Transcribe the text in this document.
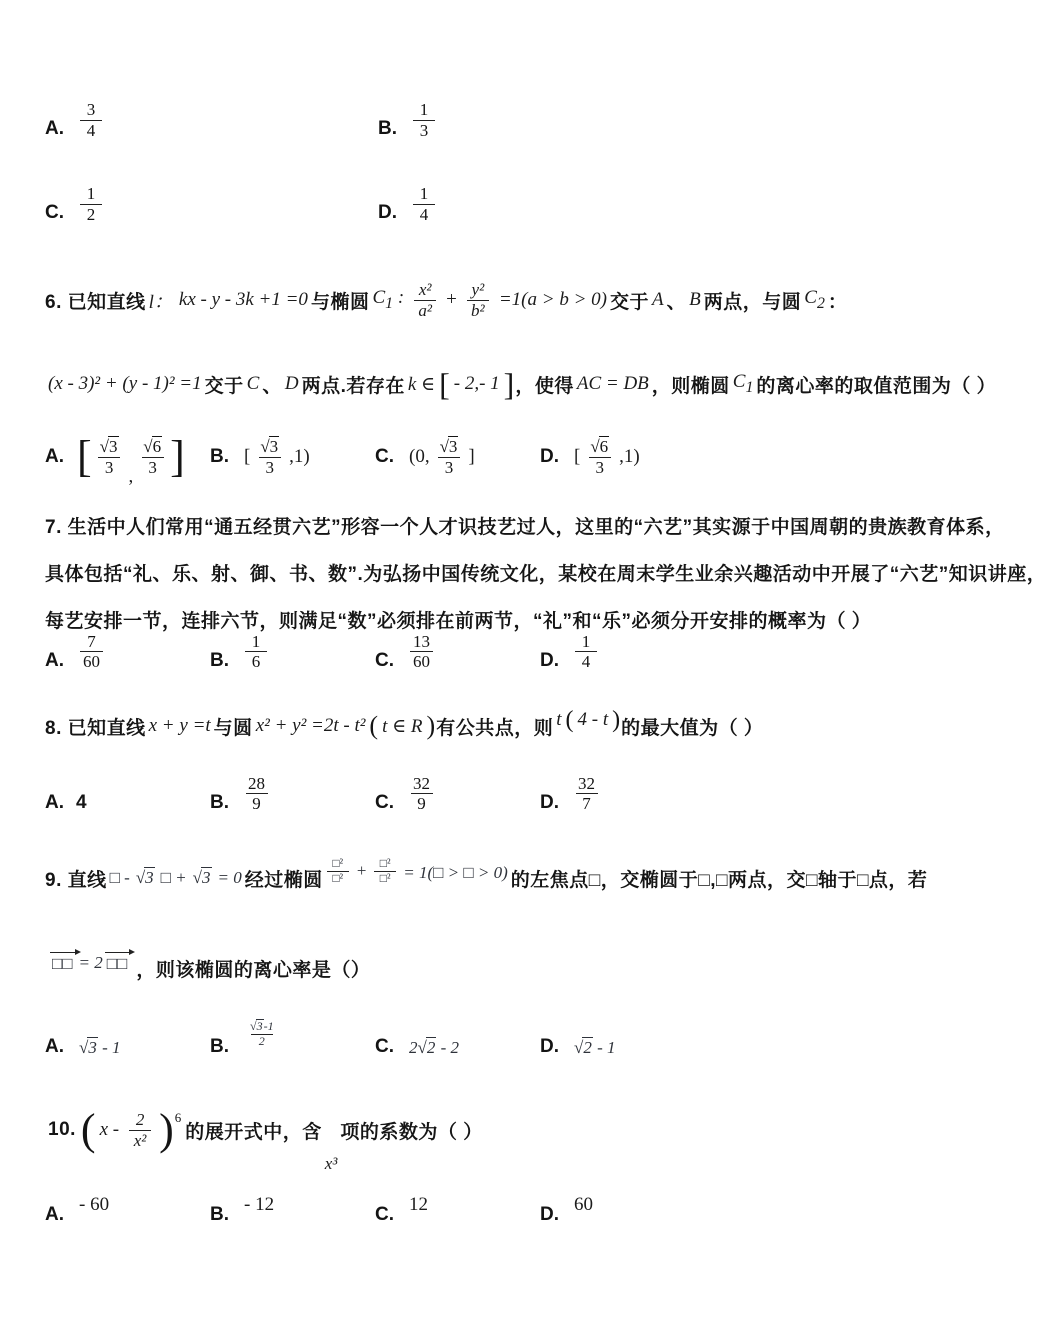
A. $\frac{3}{4}$	B. $\frac{1}{3}$
C. $\frac{1}{2}$	D. $\frac{1}{4}$
6. 已知直线 l： kx - y - 3k +1 =0 与椭圆 $C_1$ : $\frac{\text{x²}}{\text{a²}} + \frac{\text{y²}}{\text{b²}} =1(a > b > 0)$ 交于 A 、 B 两点，与圆 $C_2$ ：
(x - 3)² + (y - 1)² =1 交于 C 、 D 两点.若存在 k ∈ [ - 2,- 1 ] ，使得 AC = DB ，则椭圆 $C_1$ 的离心率的取值范围为（ ）
A. [ $\frac{√ 3}{3}$ , $\frac{√ 6}{3}$ ] B. [ $\frac{√ 3}{3} ,1$)	C. (0, $\frac{√ 3}{3}$ ]	D. [ $\frac{√ 6}{3} ,1$)
7. 生活中人们常用“通五经贯六艺”形容一个人才识技艺过人，这里的“六艺”其实源于中国周朝的贵族教育体系，
具体包括“礼、乐、射、御、书、数”.为弘扬中国传统文化，某校在周末学生业余兴趣活动中开展了“六艺”知识讲座，
每艺安排一节，连排六节，则满足“数”必须排在前两节，“礼”和“乐”必须分开安排的概率为（ ）
A. $\frac{7}{60}$	B. $\frac{1}{6}$	C. $\frac{13}{60}$	D. $\frac{1}{4}$
8. 已知直线 x + y =t 与圆 x² + y² =2t - t² ( t ∈ R ) 有公共点，则 t ( 4 - t ) 的最大值为（ ）
A. 4	B. $\frac{28}{9}$	C. $\frac{32}{9}$	D. $\frac{32}{7}$
9. 直线 □ - √3 □ + √3 = 0 经过椭圆 $\frac{\text{□²}}{\text{□²}} + \frac{\text{□²}}{\text{□²}}$ = 1(□ > □ > 0) 的左焦点□，交椭圆于□,□两点，交□轴于□点，若
□□ = 2 □□ ，则该椭圆的离心率是（）
A. √3 - 1	B. $\frac{√ 3 -1}{2}$	C. 2√2 - 2	D. √2 - 1
10. ( x - $\frac{2}{\text{x²}}$ ) 6
的展开式中，含
x³
项的系数为（ ）
A. - 60	B. - 12	C. 12	D. 60
